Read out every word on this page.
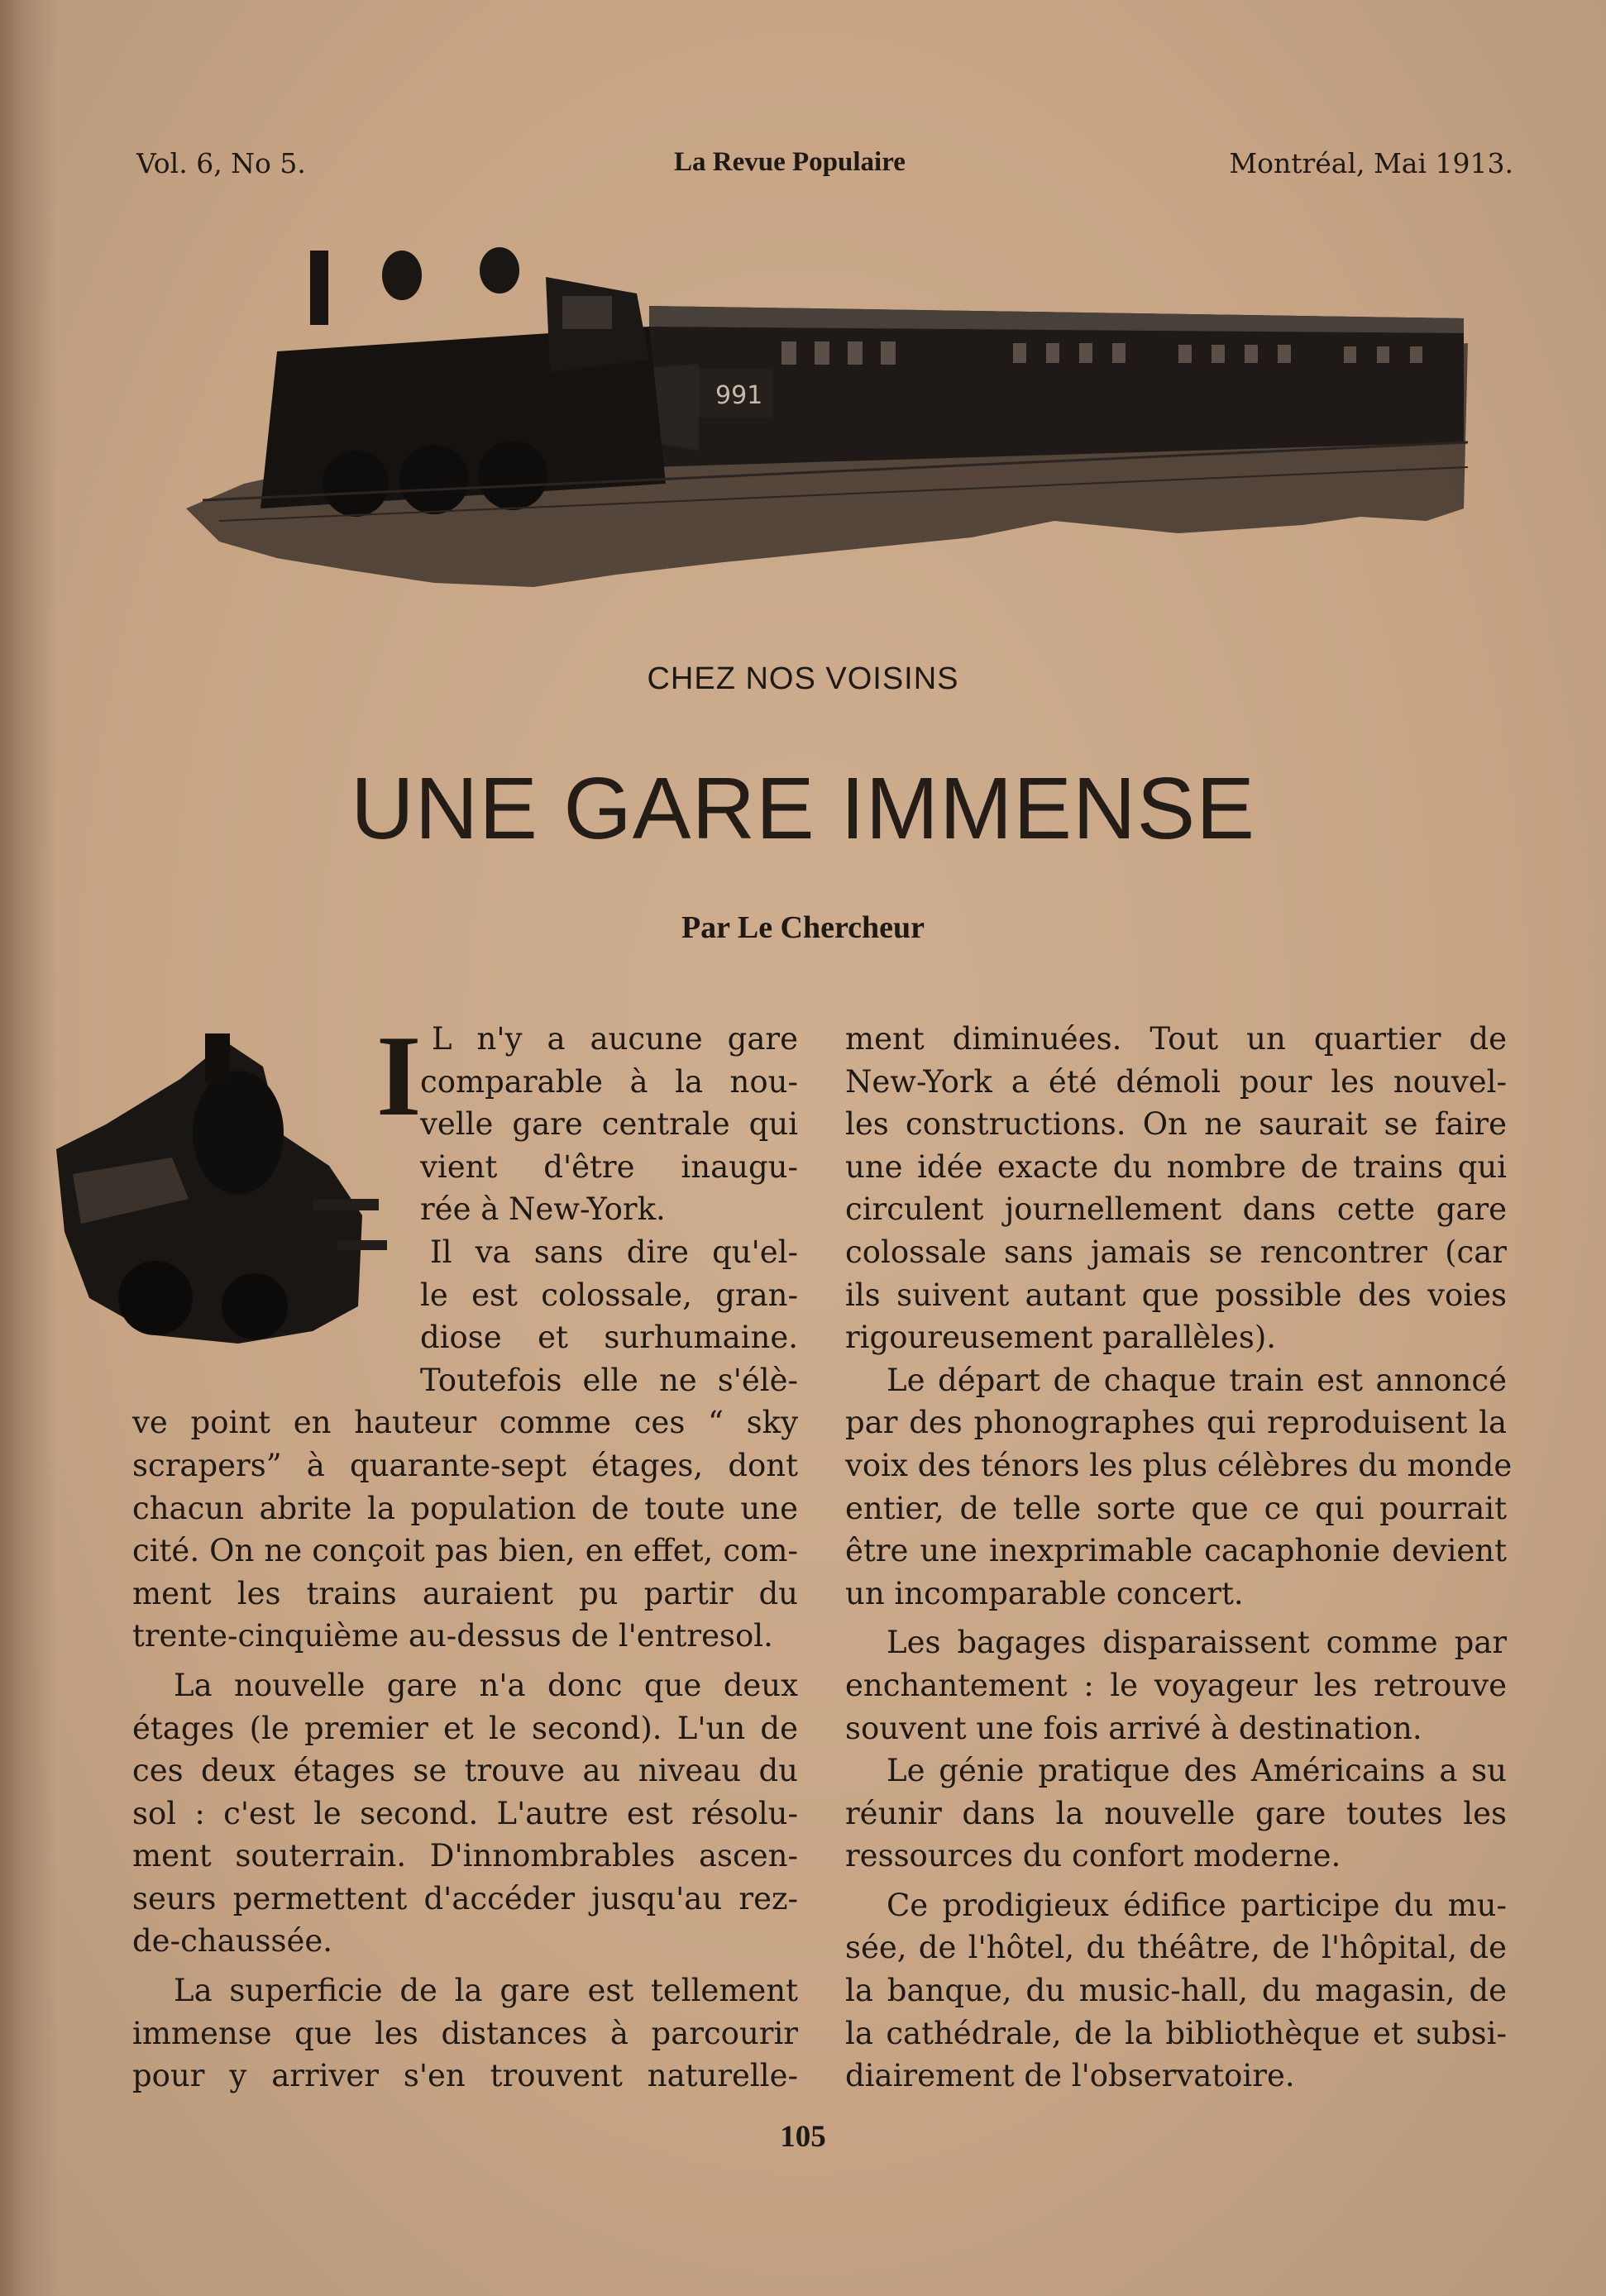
Vol. 6, No 5.	La Revue Populaire	Montréal, Mai 1913.
991
CHEZ NOS VOISINS
UNE GARE IMMENSE
Par Le Chercheur
I L n'y a aucune gare
comparable à la nou-
velle gare centrale qui
vient d'être inaugu-
rée à New-York.
Il va sans dire qu'el-
le est colossale, gran-
diose et surhumaine.
Toutefois elle ne s'élè-
ve point en hauteur comme ces “ sky
scrapers” à quarante-sept étages, dont
chacun abrite la population de toute une
cité. On ne conçoit pas bien, en effet, com-
ment les trains auraient pu partir du
trente-cinquième au-dessus de l'entresol.
La nouvelle gare n'a donc que deux
étages (le premier et le second). L'un de
ces deux étages se trouve au niveau du
sol : c'est le second. L'autre est résolu-
ment souterrain. D'innombrables ascen-
seurs permettent d'accéder jusqu'au rez-
de-chaussée.
La superficie de la gare est tellement
immense que les distances à parcourir
pour y arriver s'en trouvent naturelle-
ment diminuées. Tout un quartier de
New-York a été démoli pour les nouvel-
les constructions. On ne saurait se faire
une idée exacte du nombre de trains qui
circulent journellement dans cette gare
colossale sans jamais se rencontrer (car
ils suivent autant que possible des voies
rigoureusement parallèles).
Le départ de chaque train est annoncé
par des phonographes qui reproduisent la
voix des ténors les plus célèbres du monde
entier, de telle sorte que ce qui pourrait
être une inexprimable cacaphonie devient
un incomparable concert.
Les bagages disparaissent comme par
enchantement : le voyageur les retrouve
souvent une fois arrivé à destination.
Le génie pratique des Américains a su
réunir dans la nouvelle gare toutes les
ressources du confort moderne.
Ce prodigieux édifice participe du mu-
sée, de l'hôtel, du théâtre, de l'hôpital, de
la banque, du music-hall, du magasin, de
la cathédrale, de la bibliothèque et subsi-
diairement de l'observatoire.
105
